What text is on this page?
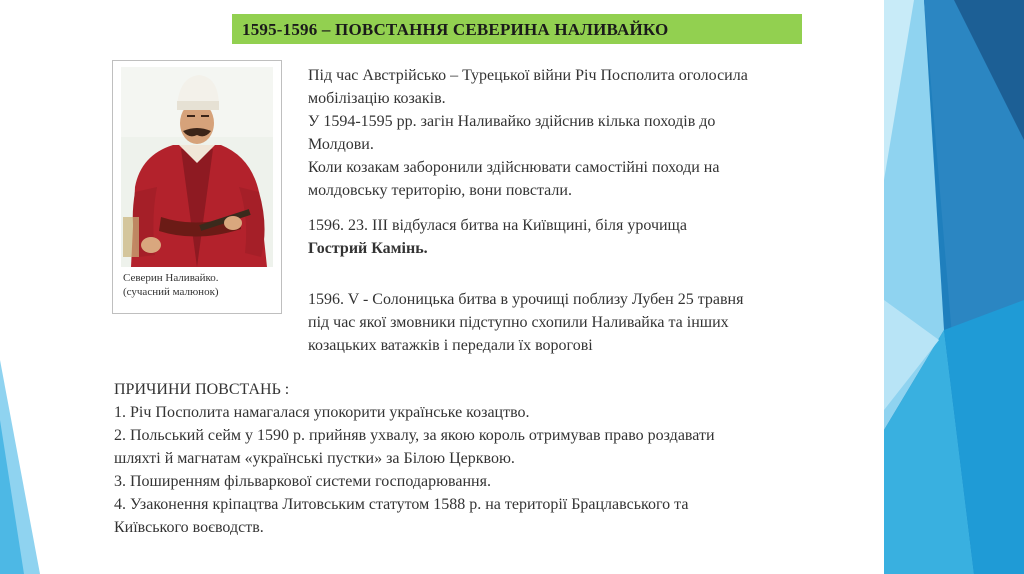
1595-1596 – ПОВСТАННЯ СЕВЕРИНА НАЛИВАЙКО
Северин Наливайко.
(сучасний малюнок)
Під час Австрійсько – Турецької війни Річ Посполита оголосила
мобілізацію козаків.
У 1594-1595 рр. загін Наливайко здійснив кілька походів до
Молдови.
Коли козакам заборонили здійснювати самостійні походи на
молдовську територію, вони повстали.
1596. 23. ІІІ відбулася битва на Київщині, біля урочища
Гострий Камінь.
1596. V - Солоницька битва в урочищі поблизу Лубен 25 травня
під час якої змовники підступно схопили Наливайка та інших
козацьких ватажків і передали їх ворогові
ПРИЧИНИ ПОВСТАНЬ :
1. Річ Посполита намагалася упокорити українське козацтво.
2. Польський сейм у 1590 р. прийняв ухвалу, за якою король отримував право роздавати
шляхті й магнатам «українські пустки» за Білою Церквою.
3. Поширенням фільваркової системи господарювання.
4. Узаконення кріпацтва Литовським статутом 1588 р. на території Брацлавського та
Київського воєводств.
